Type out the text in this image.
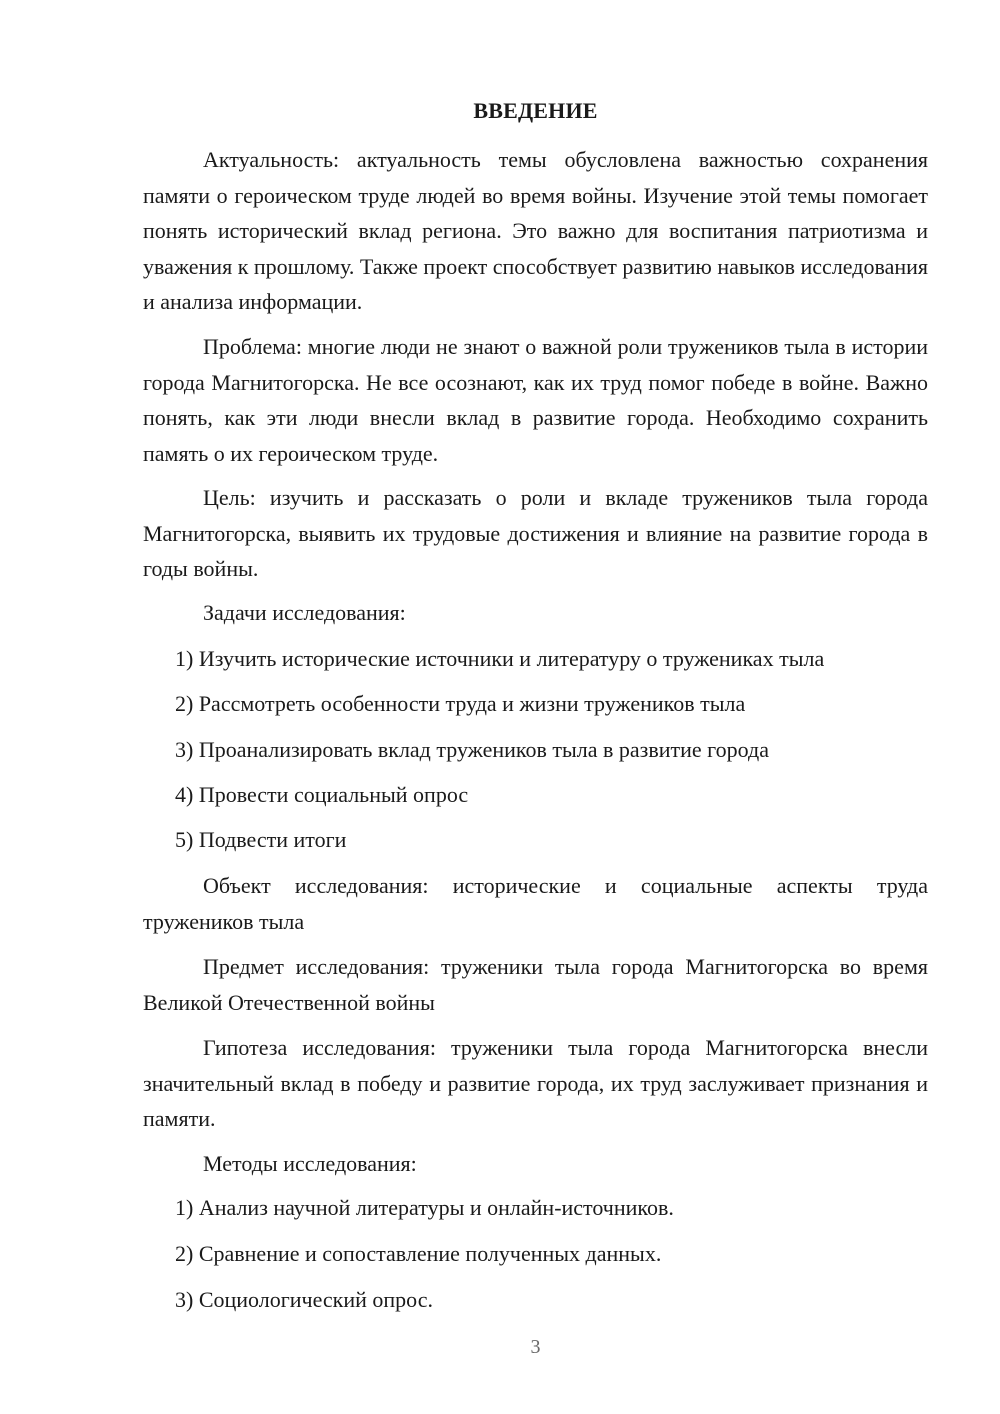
ВВЕДЕНИЕ

Актуальность: актуальность темы обусловлена важностью сохранения памяти о героическом труде людей во время войны. Изучение этой темы помогает понять исторический вклад региона. Это важно для воспитания патриотизма и уважения к прошлому. Также проект способствует развитию навыков исследования и анализа информации.

Проблема: многие люди не знают о важной роли тружеников тыла в истории города Магнитогорска. Не все осознают, как их труд помог победе в войне. Важно понять, как эти люди внесли вклад в развитие города. Необходимо сохранить память о их героическом труде.

Цель: изучить и рассказать о роли и вкладе тружеников тыла города Магнитогорска, выявить их трудовые достижения и влияние на развитие города в годы войны.

Задачи исследования:

1) Изучить исторические источники и литературу о тружениках тыла

2) Рассмотреть особенности труда и жизни тружеников тыла

3) Проанализировать вклад тружеников тыла в развитие города

4) Провести социальный опрос

5) Подвести итоги

Объект исследования: исторические и социальные аспекты труда тружеников тыла

Предмет исследования: труженики тыла города Магнитогорска во время Великой Отечественной войны

Гипотеза исследования: труженики тыла города Магнитогорска внесли значительный вклад в победу и развитие города, их труд заслуживает признания и памяти.

Методы исследования:

1) Анализ научной литературы и онлайн-источников.

2) Сравнение и сопоставление полученных данных.

3) Социологический опрос.

3
